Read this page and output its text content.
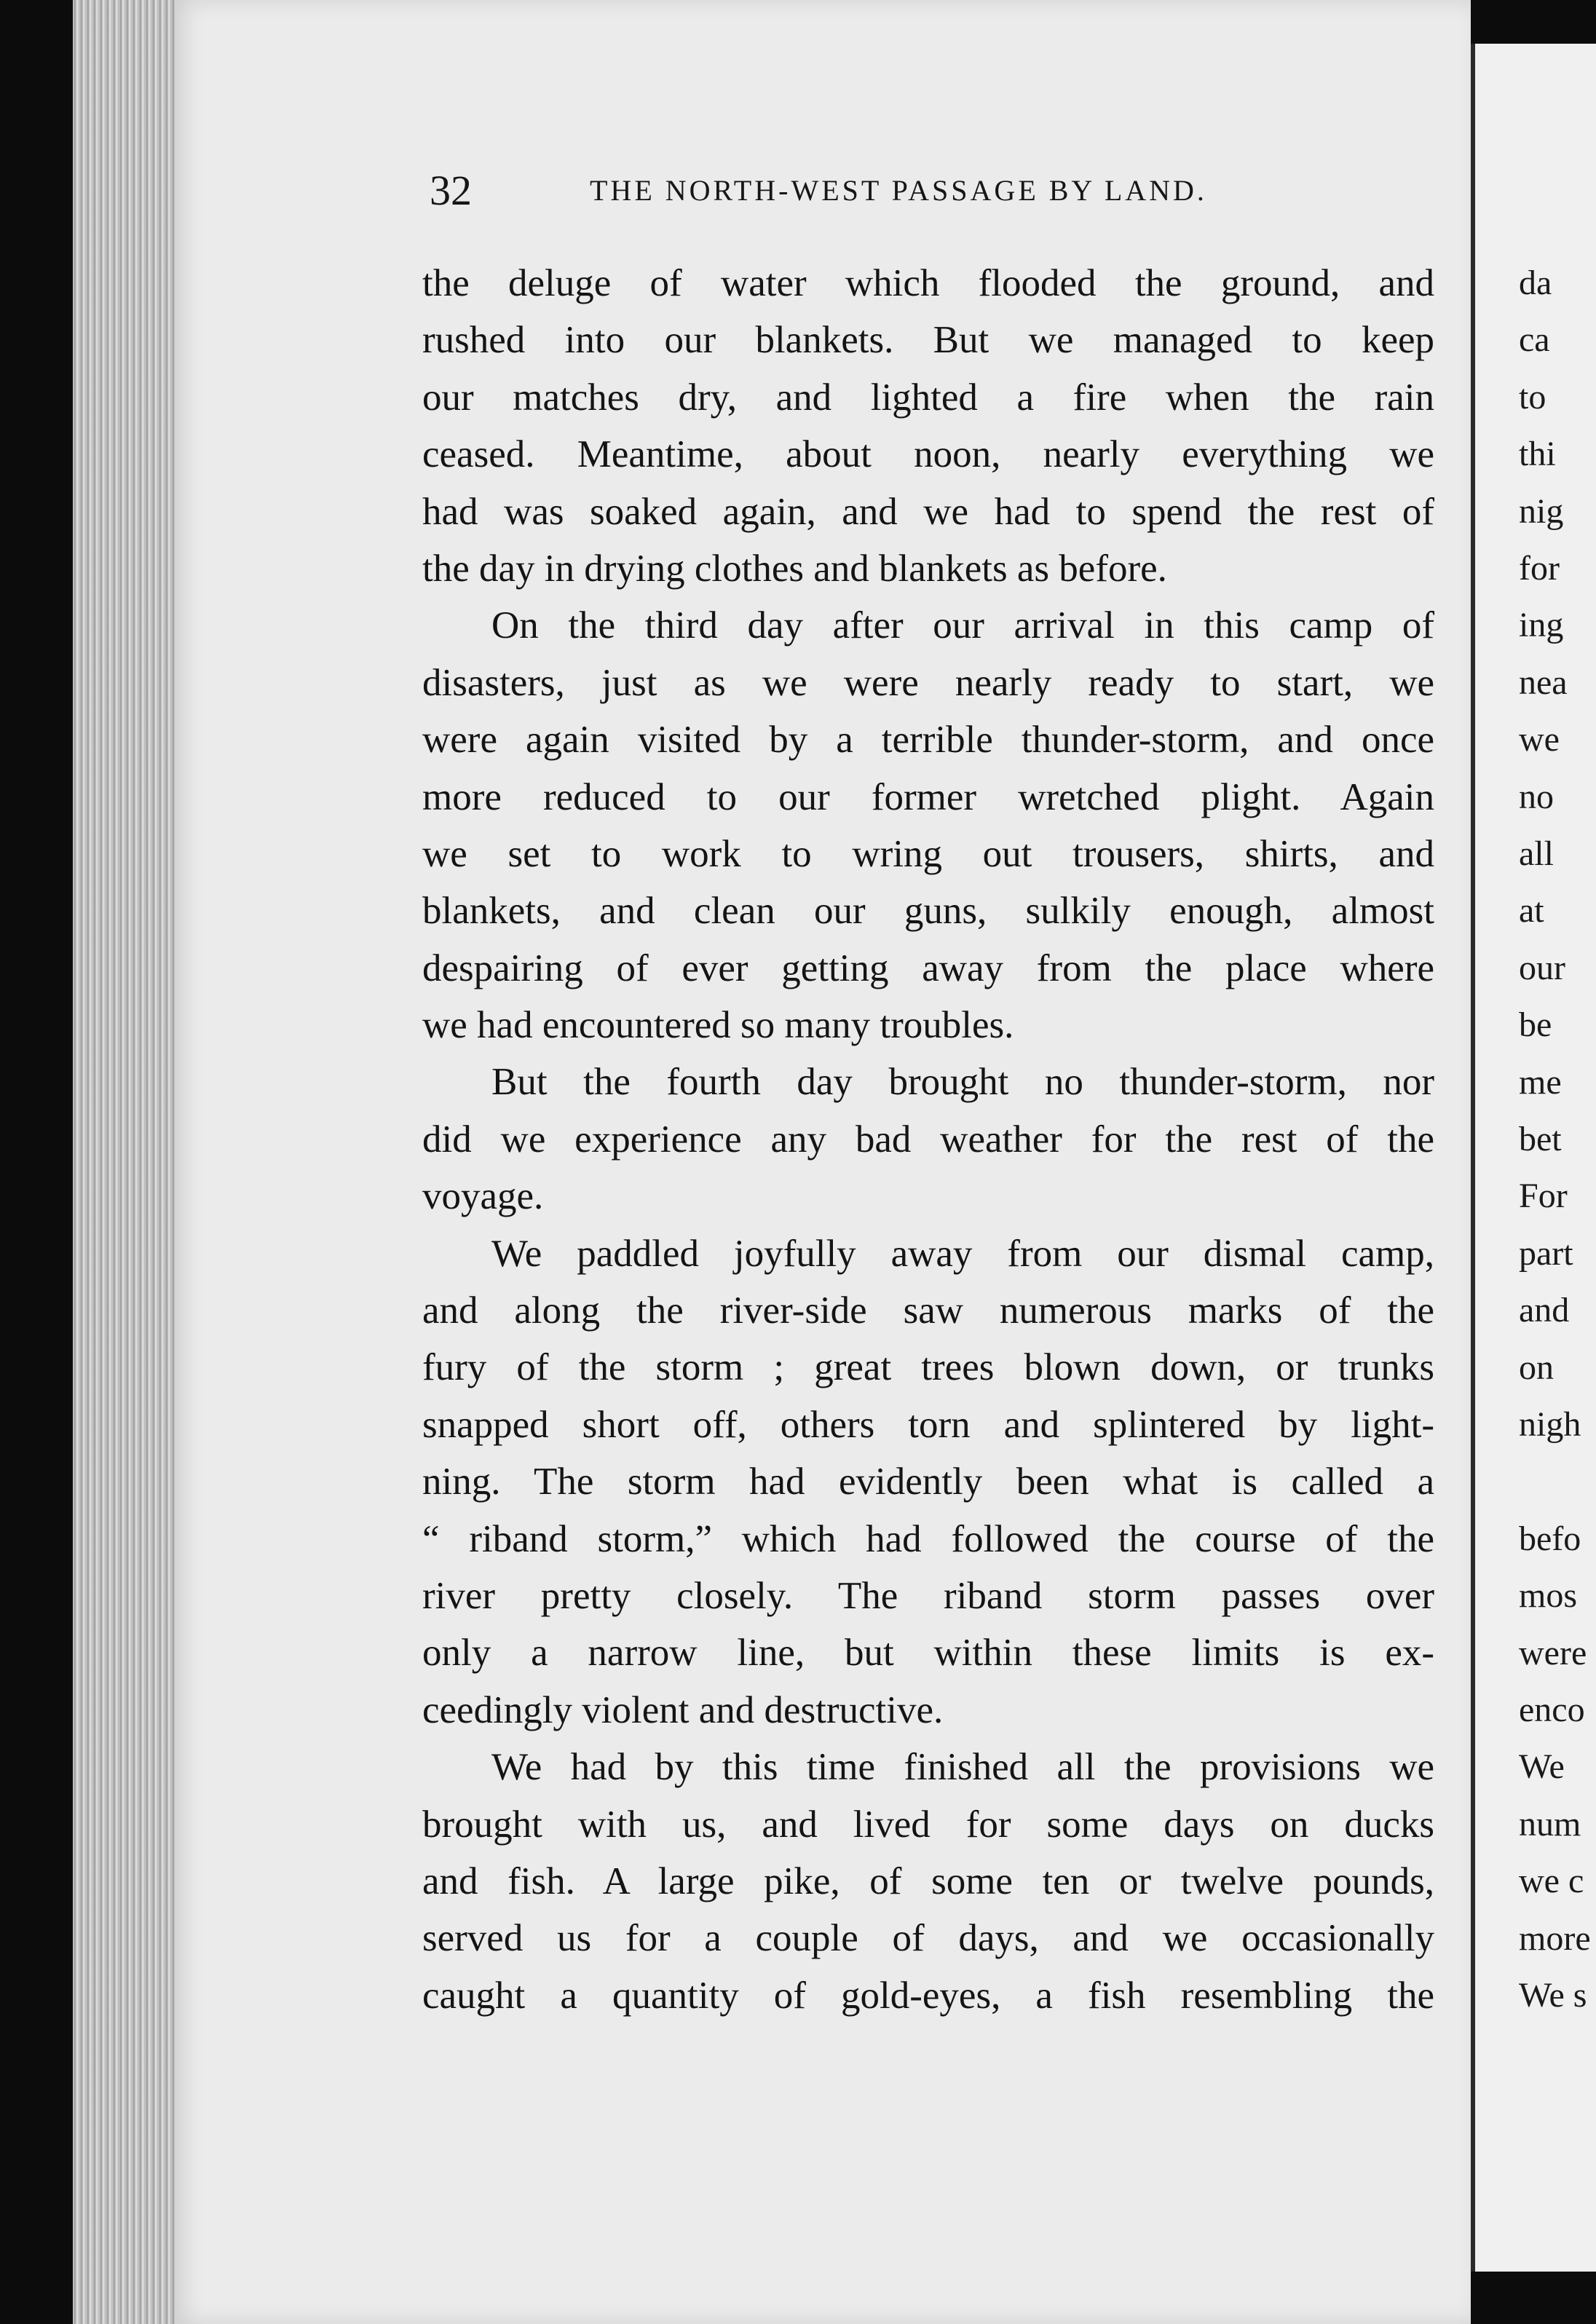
32	THE NORTH-WEST PASSAGE BY LAND.
the deluge of water which flooded the ground, and
rushed into our blankets. But we managed to keep
our matches dry, and lighted a fire when the rain
ceased. Meantime, about noon, nearly everything we
had was soaked again, and we had to spend the rest of
the day in drying clothes and blankets as before.
On the third day after our arrival in this camp of
disasters, just as we were nearly ready to start, we
were again visited by a terrible thunder-storm, and once
more reduced to our former wretched plight. Again
we set to work to wring out trousers, shirts, and
blankets, and clean our guns, sulkily enough, almost
despairing of ever getting away from the place where
we had encountered so many troubles.
But the fourth day brought no thunder-storm, nor
did we experience any bad weather for the rest of the
voyage.
We paddled joyfully away from our dismal camp,
and along the river-side saw numerous marks of the
fury of the storm ; great trees blown down, or trunks
snapped short off, others torn and splintered by light-
ning. The storm had evidently been what is called a
“ riband storm,” which had followed the course of the
river pretty closely. The riband storm passes over
only a narrow line, but within these limits is ex-
ceedingly violent and destructive.
We had by this time finished all the provisions we
brought with us, and lived for some days on ducks
and fish. A large pike, of some ten or twelve pounds,
served us for a couple of days, and we occasionally
caught a quantity of gold-eyes, a fish resembling the
da
ca
to
thi
nig
for
ing
nea
we
no
all
at
our
be
me
bet
For
part
and
on
nigh
befo
mos
were
enco
We
num
we c
more
We s
